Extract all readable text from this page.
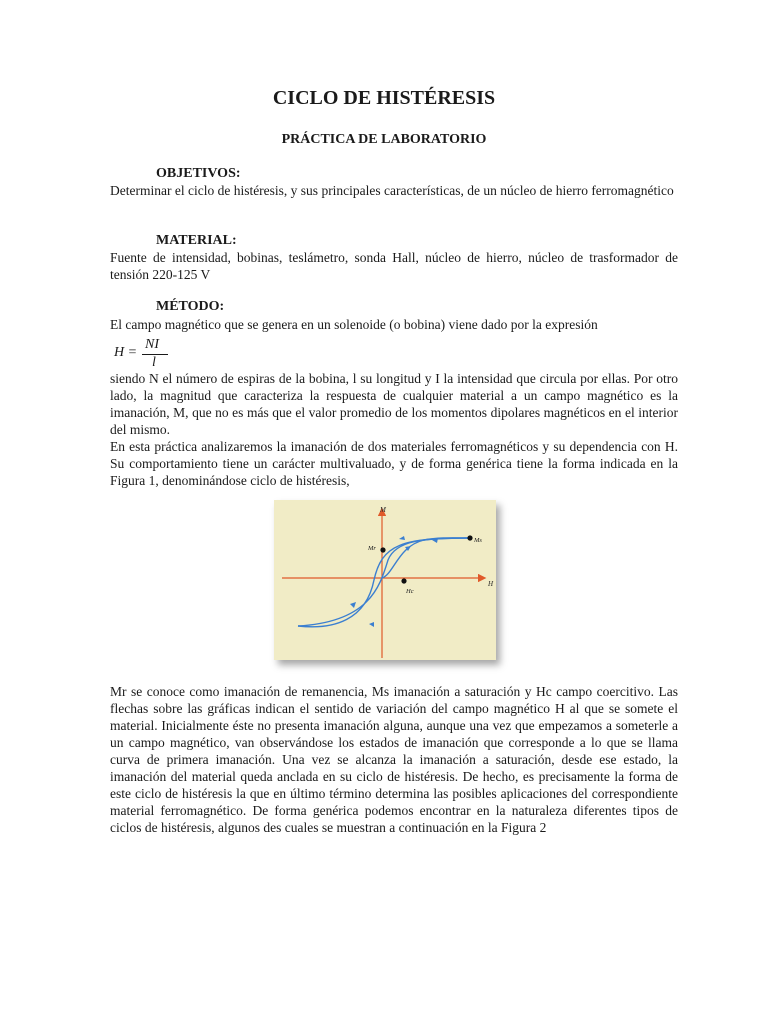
CICLO DE HISTÉRESIS
PRÁCTICA DE LABORATORIO
OBJETIVOS:
Determinar el ciclo de histéresis, y sus principales características, de un núcleo de hierro ferromagnético
MATERIAL:
Fuente de intensidad, bobinas, teslámetro, sonda Hall, núcleo de hierro, núcleo de trasformador de tensión 220-125 V
MÉTODO:
El campo magnético que se genera en un solenoide (o bobina) viene dado por la expresión
H =
NI
l
siendo N el número de espiras de la bobina, l su longitud y I la intensidad que circula por ellas. Por otro lado, la magnitud que caracteriza la respuesta de cualquier material a un campo magnético es la imanación, M, que no es más que el valor promedio de los momentos dipolares magnéticos en el interior del mismo.
En esta práctica analizaremos la imanación de dos materiales ferromagnéticos y su dependencia con H. Su comportamiento tiene un carácter multivaluado, y de forma genérica tiene la forma indicada en la Figura 1, denominándose ciclo de histéresis,
M
H
Mr
Ms
Hc
Mr se conoce como imanación de remanencia, Ms imanación a saturación y Hc campo coercitivo. Las flechas sobre las gráficas indican el sentido de variación del campo magnético H al que se somete el material. Inicialmente éste no presenta imanación alguna, aunque una vez que empezamos a someterle a un campo magnético, van observándose los estados de imanación que corresponde a lo que se llama curva de primera imanación. Una vez se alcanza la imanación a saturación, desde ese estado, la imanación del material queda anclada en su ciclo de histéresis. De hecho, es precisamente la forma de este ciclo de histéresis la que en último término determina las posibles aplicaciones del correspondiente material ferromagnético. De forma genérica podemos encontrar en la naturaleza diferentes tipos de ciclos de histéresis, algunos des cuales se muestran a continuación en la Figura 2
